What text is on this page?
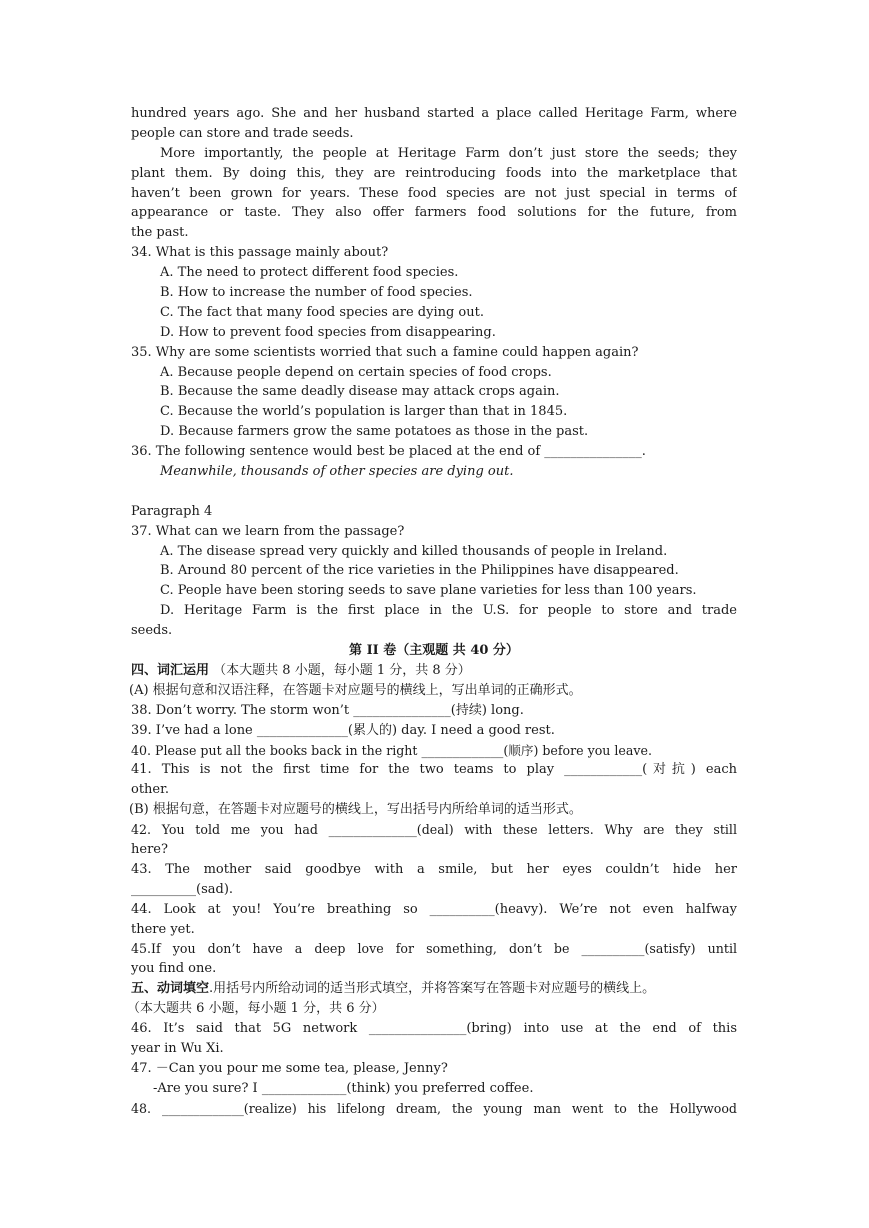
hundred years ago. She and her husband started a place called Heritage Farm, where
people can store and trade seeds.
More importantly, the people at Heritage Farm don’t just store the seeds; they
plant them. By doing this, they are reintroducing foods into the marketplace that
haven’t been grown for years. These food species are not just special in terms of
appearance or taste. They also offer farmers food solutions for the future, from
the past.
34. What is this passage mainly about?
A. The need to protect different food species.
B. How to increase the number of food species.
C. The fact that many food species are dying out.
D. How to prevent food species from disappearing.
35. Why are some scientists worried that such a famine could happen again?
A. Because people depend on certain species of food crops.
B. Because the same deadly disease may attack crops again.
C. Because the world’s population is larger than that in 1845.
D. Because farmers grow the same potatoes as those in the past.
36. The following sentence would best be placed at the end of _______________.
Meanwhile, thousands of other species are dying out.

Paragraph 4
37. What can we learn from the passage?
A. The disease spread very quickly and killed thousands of people in Ireland.
B. Around 80 percent of the rice varieties in the Philippines have disappeared.
C. People have been storing seeds to save plane varieties for less than 100 years.
D. Heritage Farm is the first place in the U.S. for people to store and trade
seeds.
第 II 卷（主观题 共 40 分）
四、词汇运用 （本大题共 8 小题，每小题 1 分，共 8 分）
(A) 根据句意和汉语注释，在答题卡对应题号的横线上，写出单词的正确形式。
38. Don’t worry. The storm won’t _______________(持续) long.
39. I’ve had a lone ______________(累人的) day. I need a good rest.
40. Please put all the books back in the right _____________(顺序) before you leave.
41. This is not the first time for the two teams to play ____________(对抗) each
other.
(B) 根据句意，在答题卡对应题号的横线上，写出括号内所给单词的适当形式。
42. You told me you had ______________(deal) with these letters. Why are they still
here?
43. The mother said goodbye with a smile, but her eyes couldn’t hide her
__________(sad).
44. Look at you! You’re breathing so __________(heavy). We’re not even halfway
there yet.
45.If you don’t have a deep love for something, don’t be __________(satisfy) until
you find one.
五、动词填空.用括号内所给动词的适当形式填空，并将答案写在答题卡对应题号的横线上。
（本大题共 6 小题，每小题 1 分，共 6 分）
46. It’s said that 5G network _______________(bring) into use at the end of this
year in Wu Xi.
47. －Can you pour me some tea, please, Jenny?
-Are you sure? I _____________(think) you preferred coffee.
48. _____________(realize) his lifelong dream, the young man went to the Hollywood
